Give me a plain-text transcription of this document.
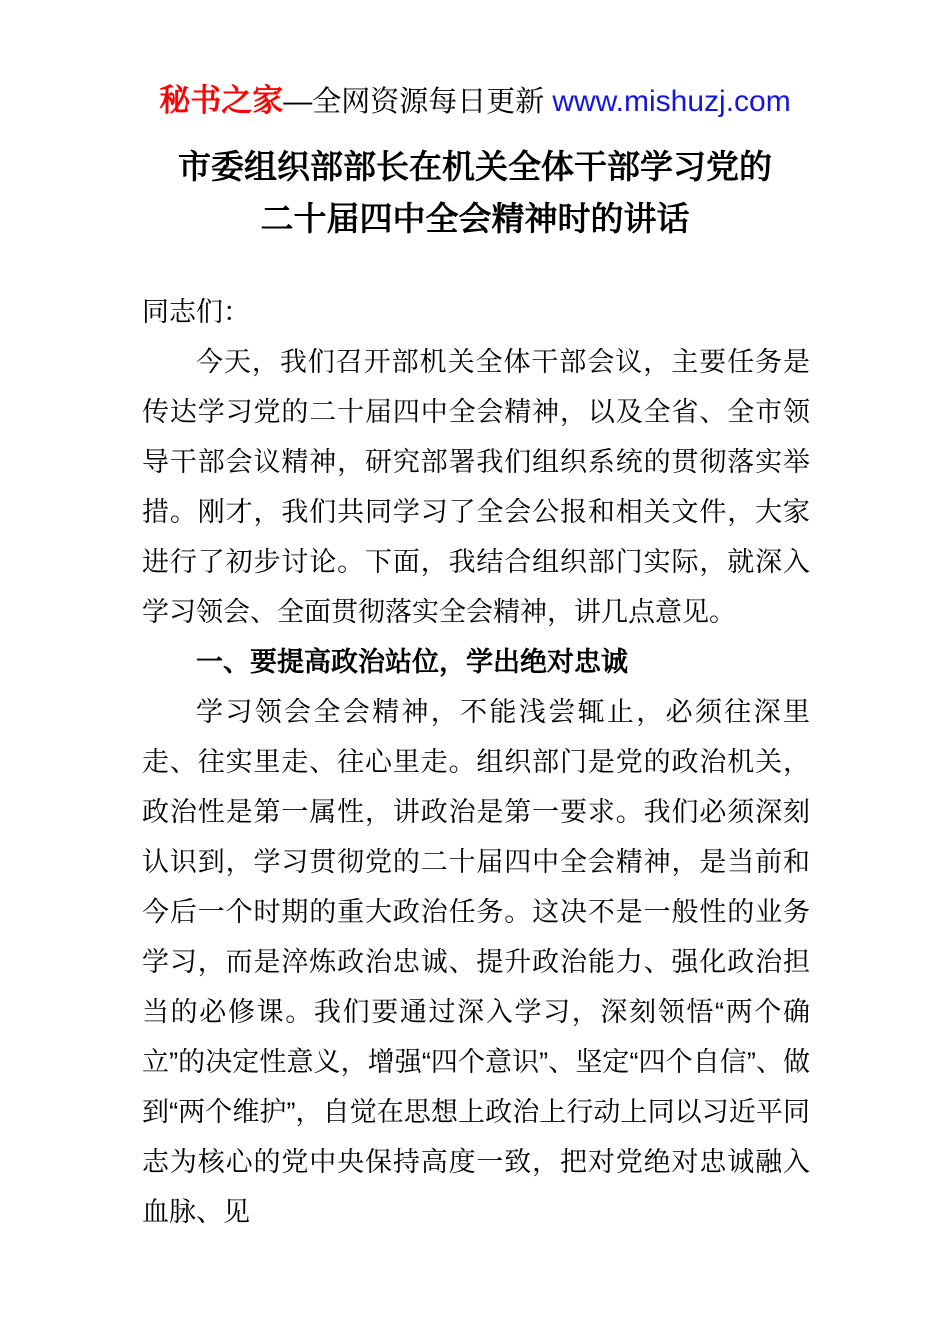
秘书之家—全网资源每日更新 www.mishuzj.com
市委组织部部长在机关全体干部学习党的二十届四中全会精神时的讲话

同志们：

今天，我们召开部机关全体干部会议，主要任务是传达学习党的二十届四中全会精神，以及全省、全市领导干部会议精神，研究部署我们组织系统的贯彻落实举措。刚才，我们共同学习了全会公报和相关文件，大家进行了初步讨论。下面，我结合组织部门实际，就深入学习领会、全面贯彻落实全会精神，讲几点意见。

一、要提高政治站位，学出绝对忠诚

学习领会全会精神，不能浅尝辄止，必须往深里走、往实里走、往心里走。组织部门是党的政治机关，政治性是第一属性，讲政治是第一要求。我们必须深刻认识到，学习贯彻党的二十届四中全会精神，是当前和今后一个时期的重大政治任务。这决不是一般性的业务学习，而是淬炼政治忠诚、提升政治能力、强化政治担当的必修课。我们要通过深入学习，深刻领悟“两个确立”的决定性意义，增强“四个意识”、坚定“四个自信”、做到“两个维护”，自觉在思想上政治上行动上同以习近平同志为核心的党中央保持高度一致，把对党绝对忠诚融入血脉、见
